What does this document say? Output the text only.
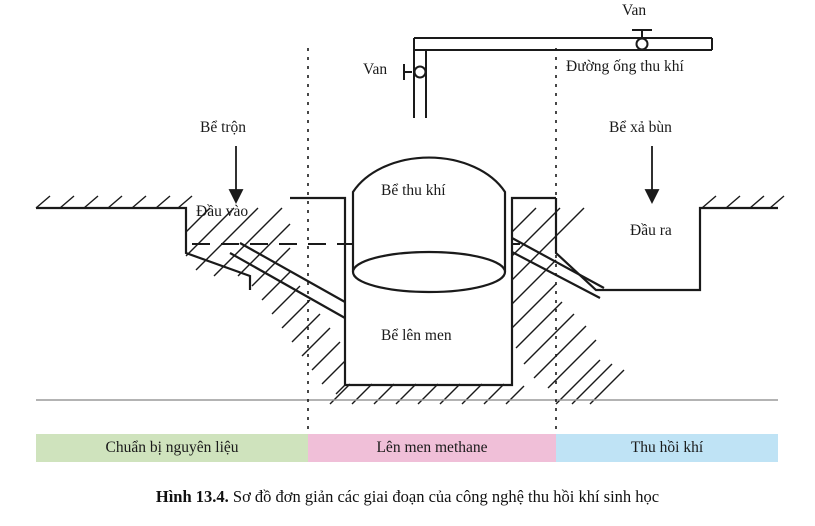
Van
Van	Đường ống thu khí
Bể trộn
Đầu vào
Bể thu khí
Bể xả bùn
Đầu ra
Bể lên men
Chuẩn bị nguyên liệu	Lên men methane	Thu hồi khí
Hình 13.4. Sơ đồ đơn giản các giai đoạn của công nghệ thu hồi khí sinh học
